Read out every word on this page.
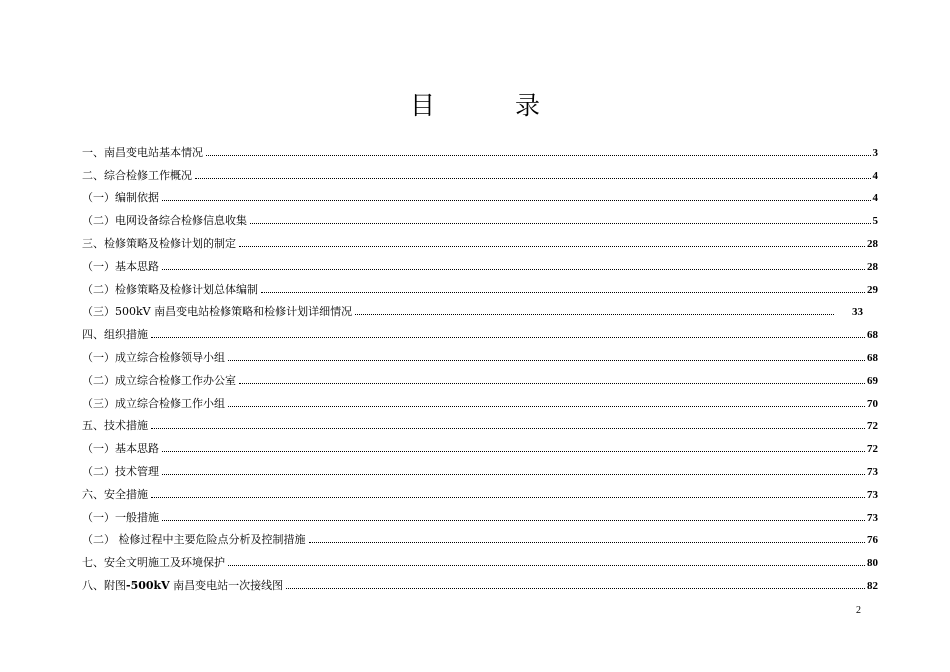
目 录
一、南昌变电站基本情况	3
二、综合检修工作概况	4
（一）编制依据	4
（二）电网设备综合检修信息收集	5
三、检修策略及检修计划的制定	28
（一）基本思路	28
（二）检修策略及检修计划总体编制	29
（三）500kV 南昌变电站检修策略和检修计划详细情况	33
四、组织措施	68
（一）成立综合检修领导小组	68
（二）成立综合检修工作办公室	69
（三）成立综合检修工作小组	70
五、技术措施	72
（一）基本思路	72
（二）技术管理	73
六、安全措施	73
（一）一般措施	73
（二） 检修过程中主要危险点分析及控制措施	76
七、安全文明施工及环境保护	80
八、附图-500kV 南昌变电站一次接线图	82
2
